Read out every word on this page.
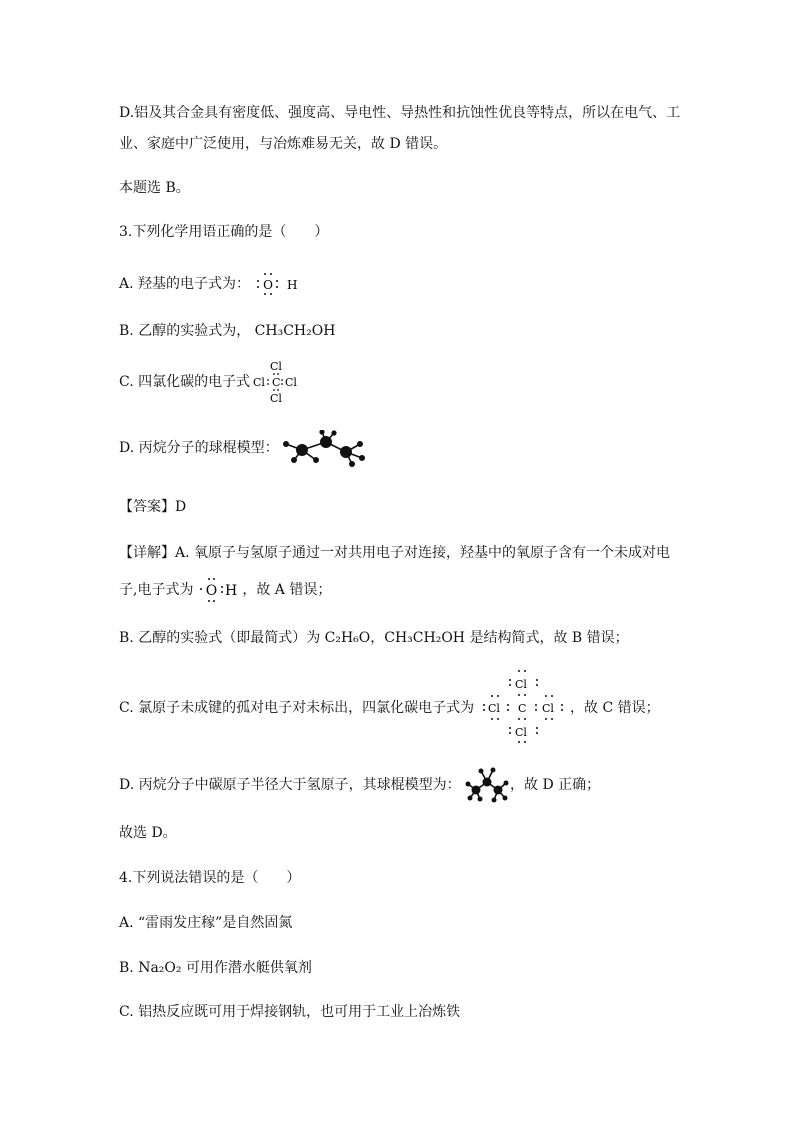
D.铝及其合金具有密度低、强度高、导电性、导热性和抗蚀性优良等特点，所以在电气、工
业、家庭中广泛使用，与冶炼难易无关，故 D 错误。
本题选 B。
3.下列化学用语正确的是（　　）
A. 羟基的电子式为： O H
B. 乙醇的实验式为， CH₃CH₂OH
C. 四氯化碳的电子式
Cl
Cl C Cl
Cl
D. 丙烷分子的球棍模型：
【答案】D
【详解】A. 氧原子与氢原子通过一对共用电子对连接，羟基中的氧原子含有一个未成对电
子,电子式为 O H ，故 A 错误；
B. 乙醇的实验式（即最简式）为 C₂H₆O，CH₃CH₂OH 是结构简式，故 B 错误；
C. 氯原子未成键的孤对电子对未标出，四氯化碳电子式为
Cl
Cl C Cl
Cl
，故 C 错误；
D. 丙烷分子中碳原子半径大于氢原子，其球棍模型为：	，故 D 正确；
故选 D。
4.下列说法错误的是（　　）
A. “雷雨发庄稼”是自然固氮
B. Na₂O₂ 可用作潜水艇供氧剂
C. 铝热反应既可用于焊接钢轨，也可用于工业上冶炼铁
